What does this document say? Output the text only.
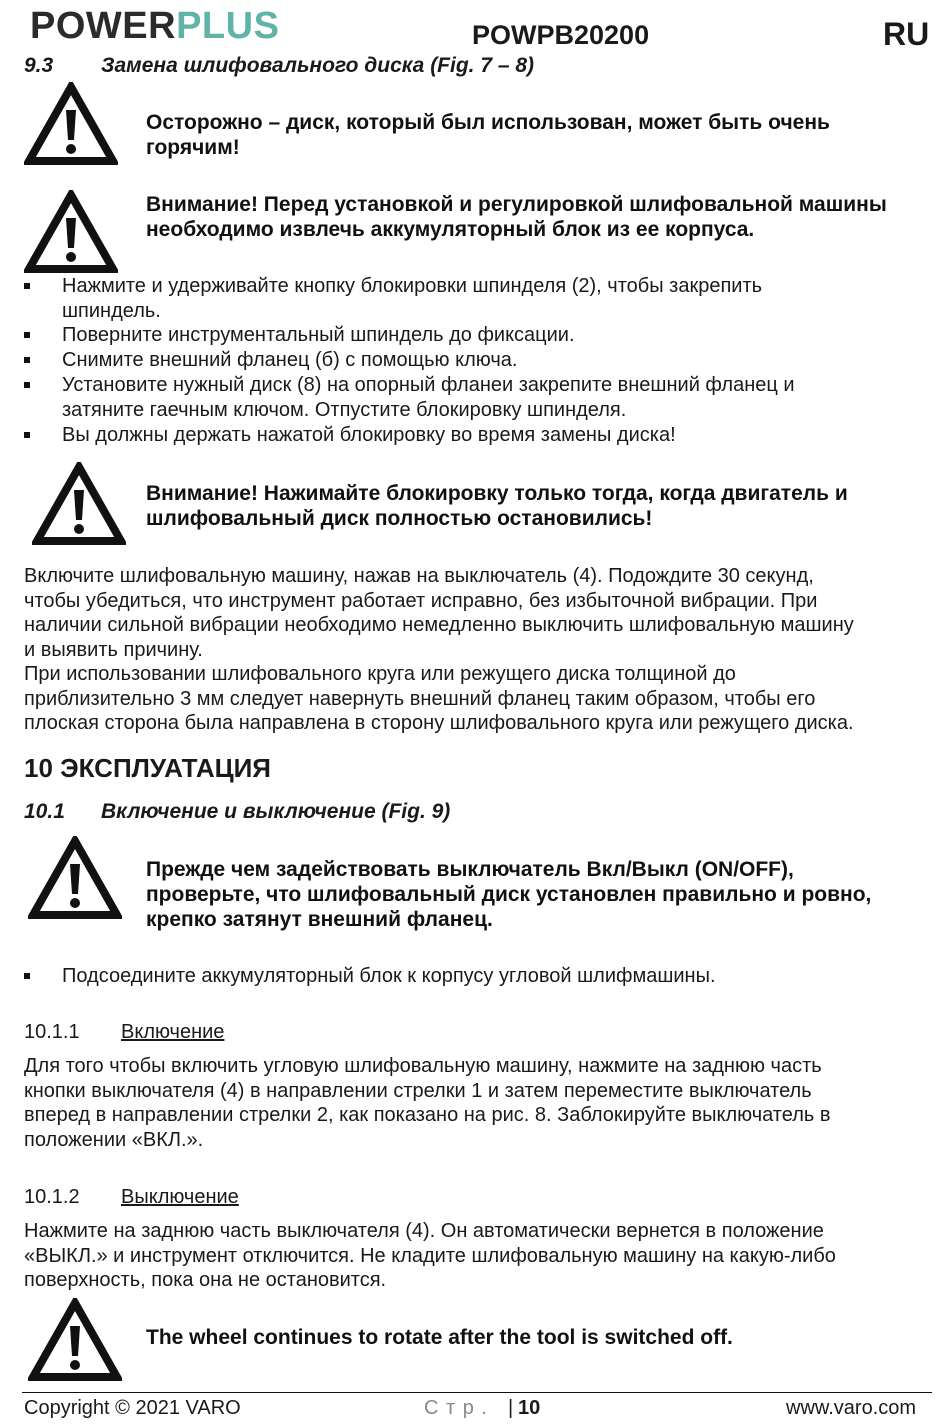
POWERPLUS	POWPB20200	RU
9.3 Замена шлифовального диска (Fig. 7 – 8)
Осторожно – диск, который был использован, может быть очень
горячим!
Внимание! Перед установкой и регулировкой шлифовальной машины
необходимо извлечь аккумуляторный блок из ее корпуса.
Нажмите и удерживайте кнопку блокировки шпинделя (2), чтобы закрепить
шпиндель.
Поверните инструментальный шпиндель до фиксации.
Снимите внешний фланец (б) с помощью ключа.
Установите нужный диск (8) на опорный фланеи закрепите внешний фланец и
затяните гаечным ключом. Отпустите блокировку шпинделя.
Вы должны держать нажатой блокировку во время замены диска!
Внимание! Нажимайте блокировку только тогда, когда двигатель и
шлифовальный диск полностью остановились!
Включите шлифовальную машину, нажав на выключатель (4). Подождите 30 секунд,
чтобы убедиться, что инструмент работает исправно, без избыточной вибрации. При
наличии сильной вибрации необходимо немедленно выключить шлифовальную машину
и выявить причину.
При использовании шлифовального круга или режущего диска толщиной до
приблизительно 3 мм следует навернуть внешний фланец таким образом, чтобы его
плоская сторона была направлена в сторону шлифовального круга или режущего диска.
10 ЭКСПЛУАТАЦИЯ
10.1 Включение и выключение (Fig. 9)
Прежде чем задействовать выключатель Вкл/Выкл (ON/OFF),
проверьте, что шлифовальный диск установлен правильно и ровно,
крепко затянут внешний фланец.
Подсоедините аккумуляторный блок к корпусу угловой шлифмашины.
10.1.1 Включение
Для того чтобы включить угловую шлифовальную машину, нажмите на заднюю часть
кнопки выключателя (4) в направлении стрелки 1 и затем переместите выключатель
вперед в направлении стрелки 2, как показано на рис. 8. Заблокируйте выключатель в
положении «ВКЛ.».
10.1.2 Выключение
Нажмите на заднюю часть выключателя (4). Он автоматически вернется в положение
«ВЫКЛ.» и инструмент отключится. Не кладите шлифовальную машину на какую-либо
поверхность, пока она не остановится.
The wheel continues to rotate after the tool is switched off.
Copyright © 2021 VARO	С т р . | 10	www.varo.com
